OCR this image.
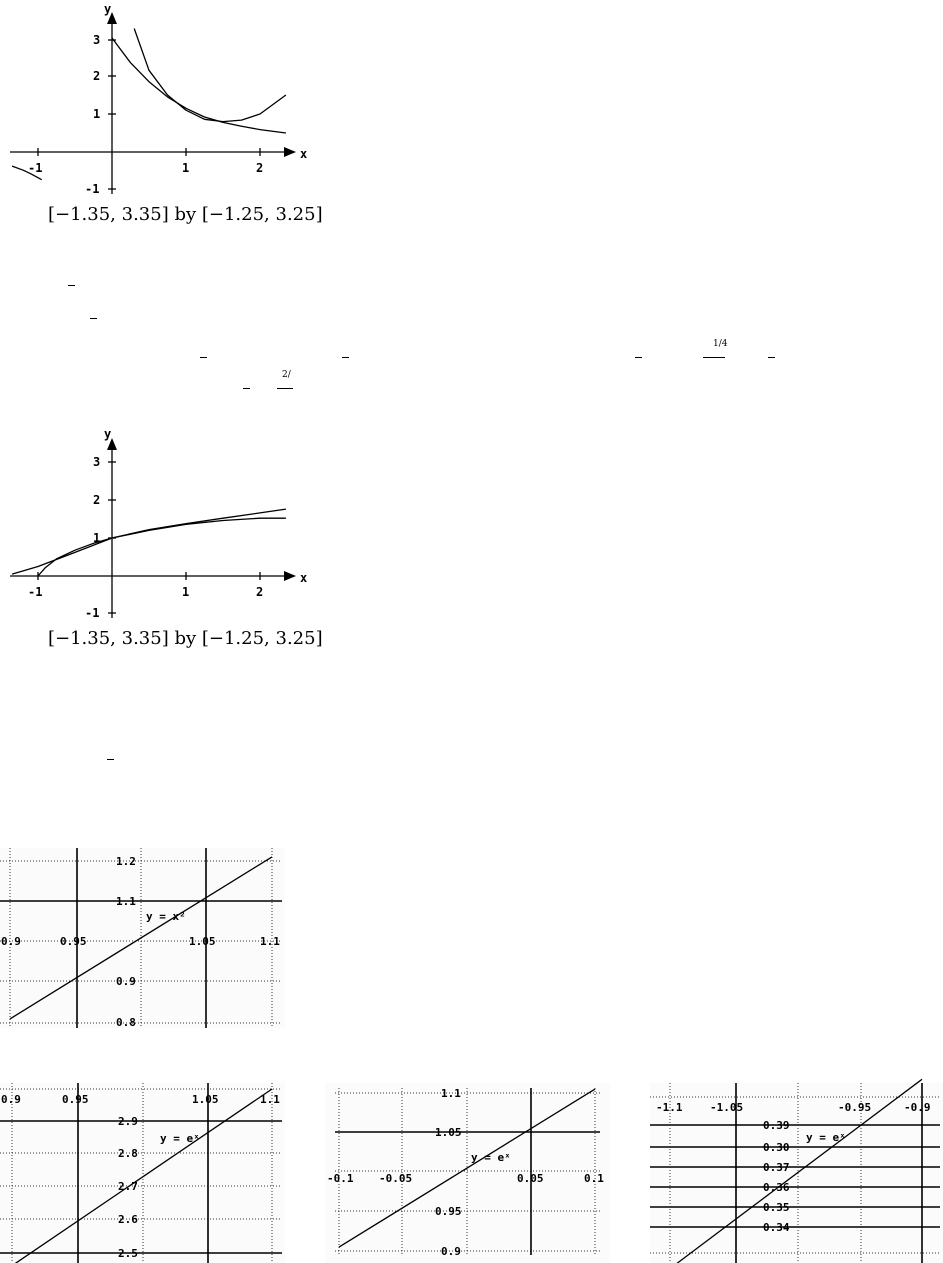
x
y
-1	1	2
3
2
1
-1
[−1.35, 3.35] by [−1.25, 3.25]
1/4
2/
x
y
-1	1	2
3
2
1
-1
[−1.35, 3.35] by [−1.25, 3.25]
1.2
1.1
0.9
0.8
0.9	0.95	1.05	1.1
y = x²
0.9	0.95	1.05	1.1
2.9
2.8
2.7
2.6
2.5
y = eˣ
-0.1 -0.05	0.05	0.1
1.1
1.05
0.95
0.9
y = eˣ
-1.1	-1.05	-0.95	-0.9
0.39
0.30
0.37
0.36
0.35
0.34
y = eˣ
